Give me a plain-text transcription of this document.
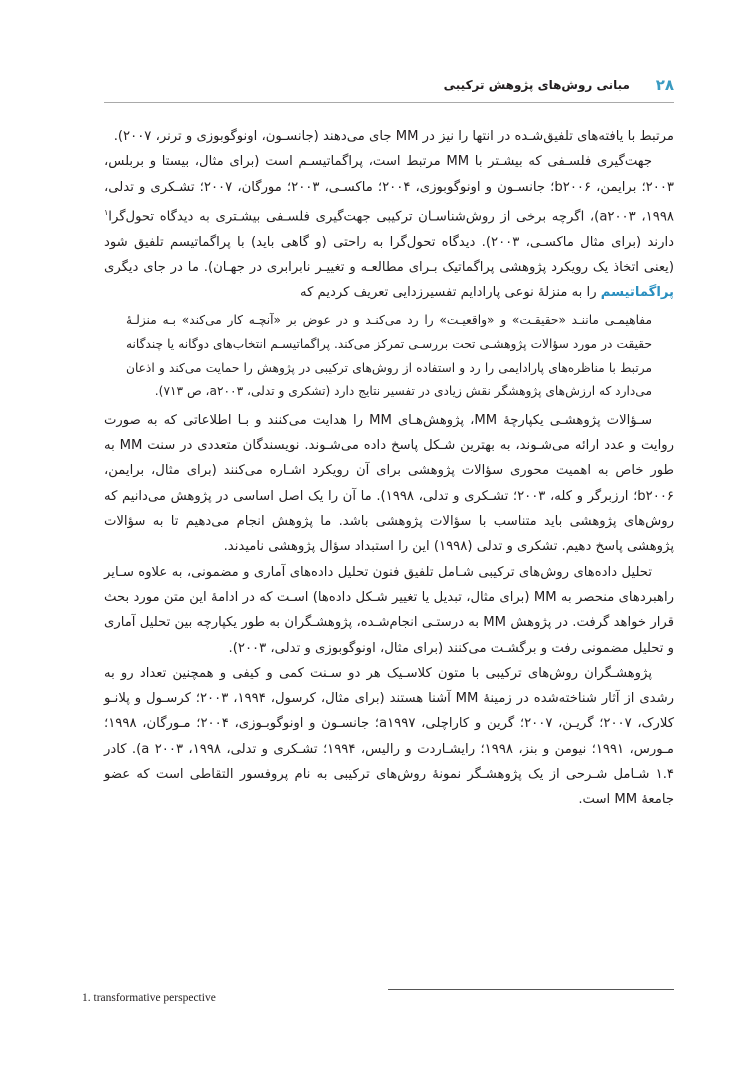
۲۸
مبانی روش‌های پژوهش ترکیبی

مرتبط با یافته‌های تلفیق‌شـده در انتها را نیز در MM جای می‌دهند (جانسـون، اونوگوبوزی و ترنر، ۲۰۰۷).

جهت‌گیری فلسـفی که بیشـتر با MM مرتبط است، پراگماتیسـم است (برای مثال، بیستا و بربلس، ۲۰۰۳؛ برایمن، b۲۰۰۶؛ جانسـون و اونوگوبوزی، ۲۰۰۴؛ ماکسـی، ۲۰۰۳؛ مورگان، ۲۰۰۷؛ تشـکری و تدلی، ۱۹۹۸، a۲۰۰۳)، اگرچه برخی از روش‌شناسـان ترکیبی جهت‌گیری فلسـفی بیشـتری به دیدگاه تحول‌گرا$^۱$ دارند (برای مثال ماکسـی، ۲۰۰۳). دیدگاه تحول‌گرا به راحتی (و گاهی باید) با پراگماتیسم تلفیق شود (یعنی اتخاذ یک رویکرد پژوهشی پراگماتیک بـرای مطالعـه و تغییـر نابرابری در جهـان). ما در جای دیگری پراگماتیسم را به منزلهٔ نوعی پارادایم تفسیرزدایی تعریف کردیم که

مفاهیمـی ماننـد «حقیقـت» و «واقعیـت» را رد می‌کنـد و در عوض بر «آنچـه کار می‌کند» بـه منزلـهٔ حقیقت در مورد سؤالات پژوهشـی تحت بررسـی تمرکز می‌کند. پراگماتیسـم انتخاب‌های دوگانه یا چندگانه مرتبط با مناظره‌های پارادایمی را رد و استفاده از روش‌های ترکیبی در پژوهش را حمایت می‌کند و اذعان می‌دارد که ارزش‌های پژوهشگر نقش زیادی در تفسیر نتایج دارد (تشکری و تدلی، a۲۰۰۳، ص ۷۱۳).

سـؤالات پژوهشـی یکپارچهٔ MM، پژوهش‌هـای MM را هدایت می‌کنند و بـا اطلاعاتی که به صورت روایت و عدد ارائه می‌شـوند، به بهترین شـکل پاسخ داده می‌شـوند. نویسندگان متعددی در سنت MM به طور خاص به اهمیت محوری سؤالات پژوهشی برای آن رویکرد اشـاره می‌کنند (برای مثال، برایمن، b۲۰۰۶؛ ارزبرگر و کله، ۲۰۰۳؛ تشـکری و تدلی، ۱۹۹۸). ما آن را یک اصل اساسی در پژوهش می‌دانیم که روش‌های پژوهشی باید متناسب با سؤالات پژوهشی باشد. ما پژوهش انجام می‌دهیم تا به سؤالات پژوهشی پاسخ دهیم. تشکری و تدلی (۱۹۹۸) این را استبداد سؤال پژوهشی نامیدند.

تحلیل داده‌های روش‌های ترکیبی شـامل تلفیق فنون تحلیل داده‌های آماری و مضمونی، به علاوه سـایر راهبردهای منحصر به MM (برای مثال، تبدیل یا تغییر شـکل داده‌ها) اسـت که در ادامهٔ این متن مورد بحث قرار خواهد گرفت. در پژوهش MM به درستـی انجام‌شـده، پژوهشـگران به طور یکپارچه بین تحلیل آماری و تحلیل مضمونی رفت و برگشـت می‌کنند (برای مثال، اونوگوبوزی و تدلی، ۲۰۰۳).

پژوهشـگران روش‌های ترکیبی با متون کلاسـیک هر دو سـنت کمی و کیفی و همچنین تعداد رو به رشدی از آثار شناخته‌شده در زمینهٔ MM آشنا هستند (برای مثال، کرسول، ۱۹۹۴، ۲۰۰۳؛ کرسـول و پلانـو کلارک، ۲۰۰۷؛ گریـن، ۲۰۰۷؛ گرین و کاراچلی، a۱۹۹۷؛ جانسـون و اونوگوبـوزی، ۲۰۰۴؛ مـورگان، ۱۹۹۸؛ مـورس، ۱۹۹۱؛ نیومن و بنز، ۱۹۹۸؛ رایشـاردت و رالیس، ۱۹۹۴؛ تشـکری و تدلی، ۱۹۹۸، a ۲۰۰۳). کادر ۱.۴ شـامل شـرحی از یک پژوهشـگر نمونهٔ روش‌های ترکیبی به نام پروفسور التقاطی است که عضو جامعهٔ MM است.

1. transformative perspective
